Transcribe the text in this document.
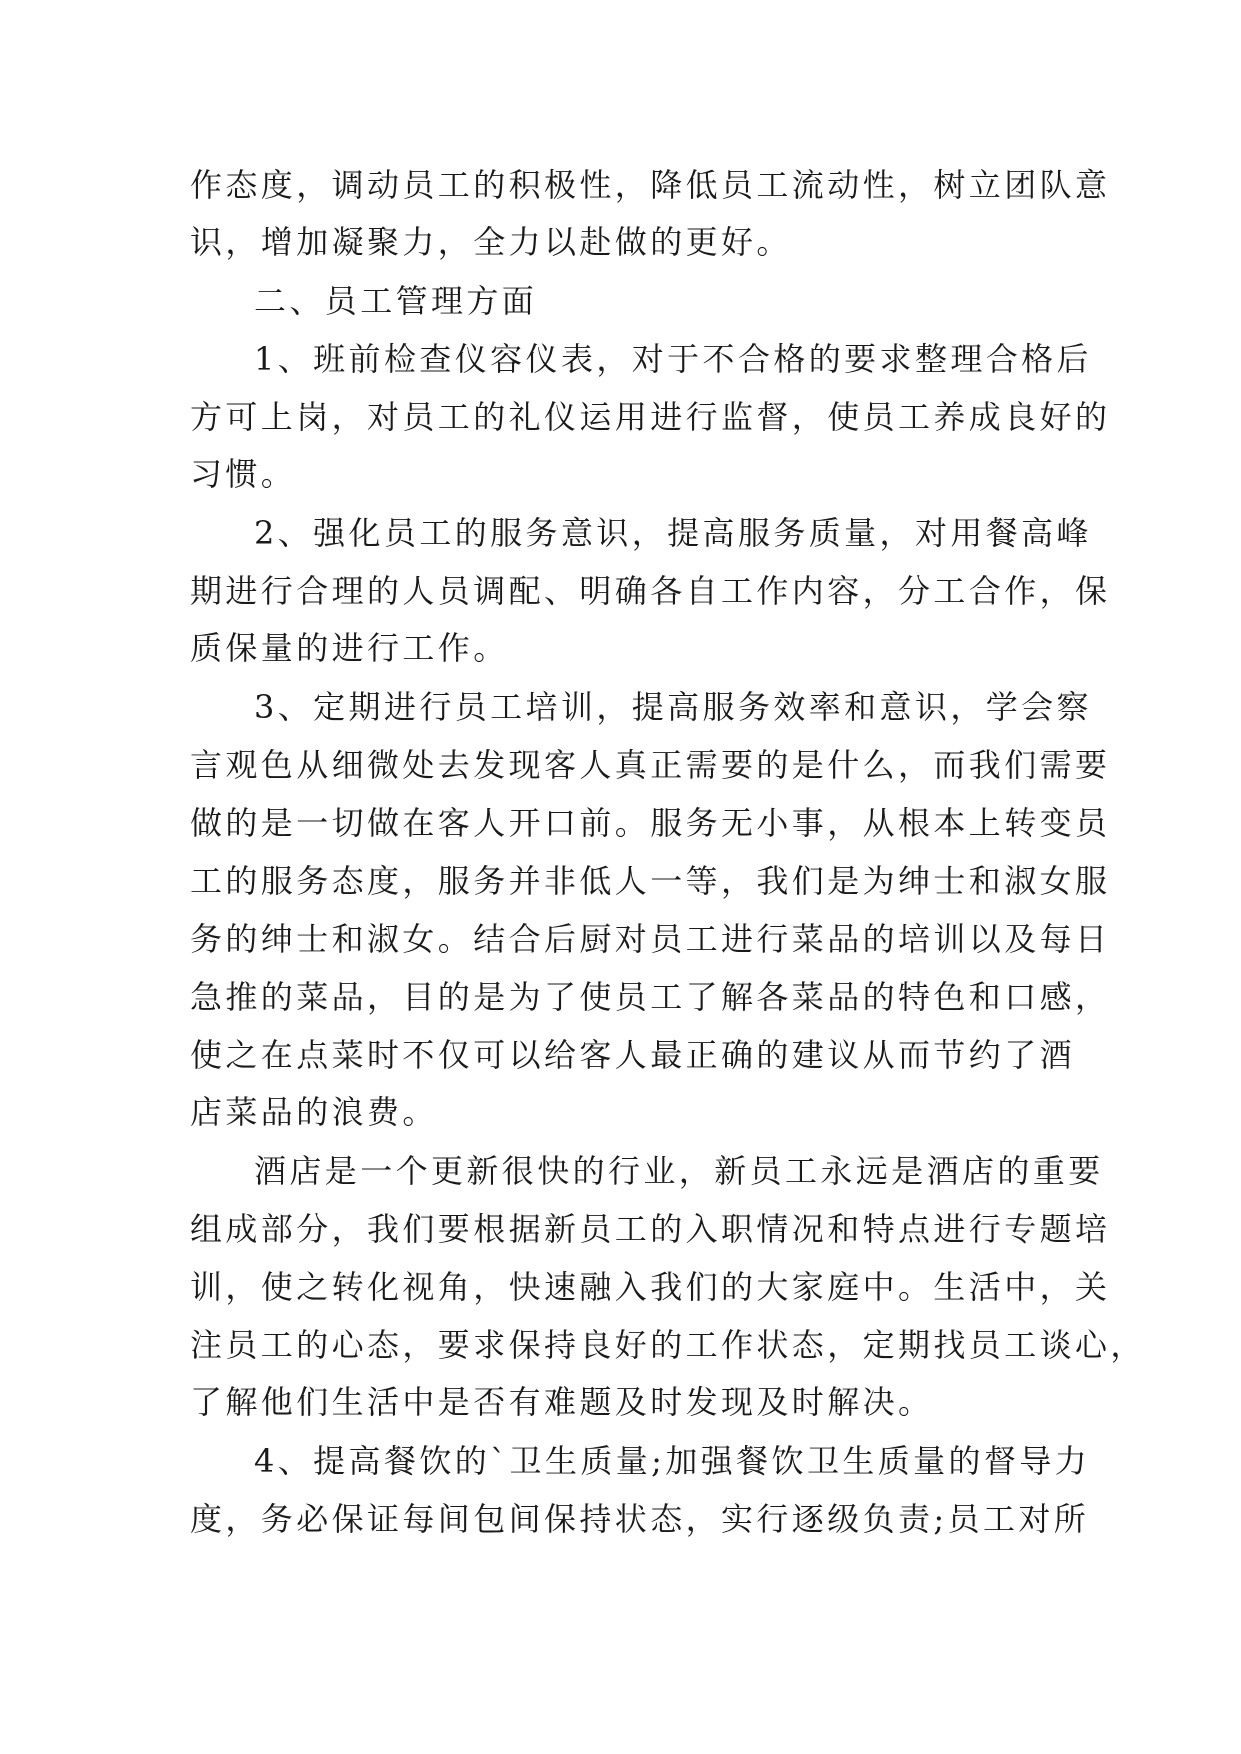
作态度，调动员工的积极性，降低员工流动性，树立团队意
识，增加凝聚力，全力以赴做的更好。
二、员工管理方面
1、班前检查仪容仪表，对于不合格的要求整理合格后
方可上岗，对员工的礼仪运用进行监督，使员工养成良好的
习惯。
2、强化员工的服务意识，提高服务质量，对用餐高峰
期进行合理的人员调配、明确各自工作内容，分工合作，保
质保量的进行工作。
3、定期进行员工培训，提高服务效率和意识，学会察
言观色从细微处去发现客人真正需要的是什么，而我们需要
做的是一切做在客人开口前。服务无小事，从根本上转变员
工的服务态度，服务并非低人一等，我们是为绅士和淑女服
务的绅士和淑女。结合后厨对员工进行菜品的培训以及每日
急推的菜品，目的是为了使员工了解各菜品的特色和口感，
使之在点菜时不仅可以给客人最正确的建议从而节约了酒
店菜品的浪费。
酒店是一个更新很快的行业，新员工永远是酒店的重要
组成部分，我们要根据新员工的入职情况和特点进行专题培
训，使之转化视角，快速融入我们的大家庭中。生活中，关
注员工的心态，要求保持良好的工作状态，定期找员工谈心，
了解他们生活中是否有难题及时发现及时解决。
4、提高餐饮的`卫生质量;加强餐饮卫生质量的督导力
度，务必保证每间包间保持状态，实行逐级负责;员工对所
